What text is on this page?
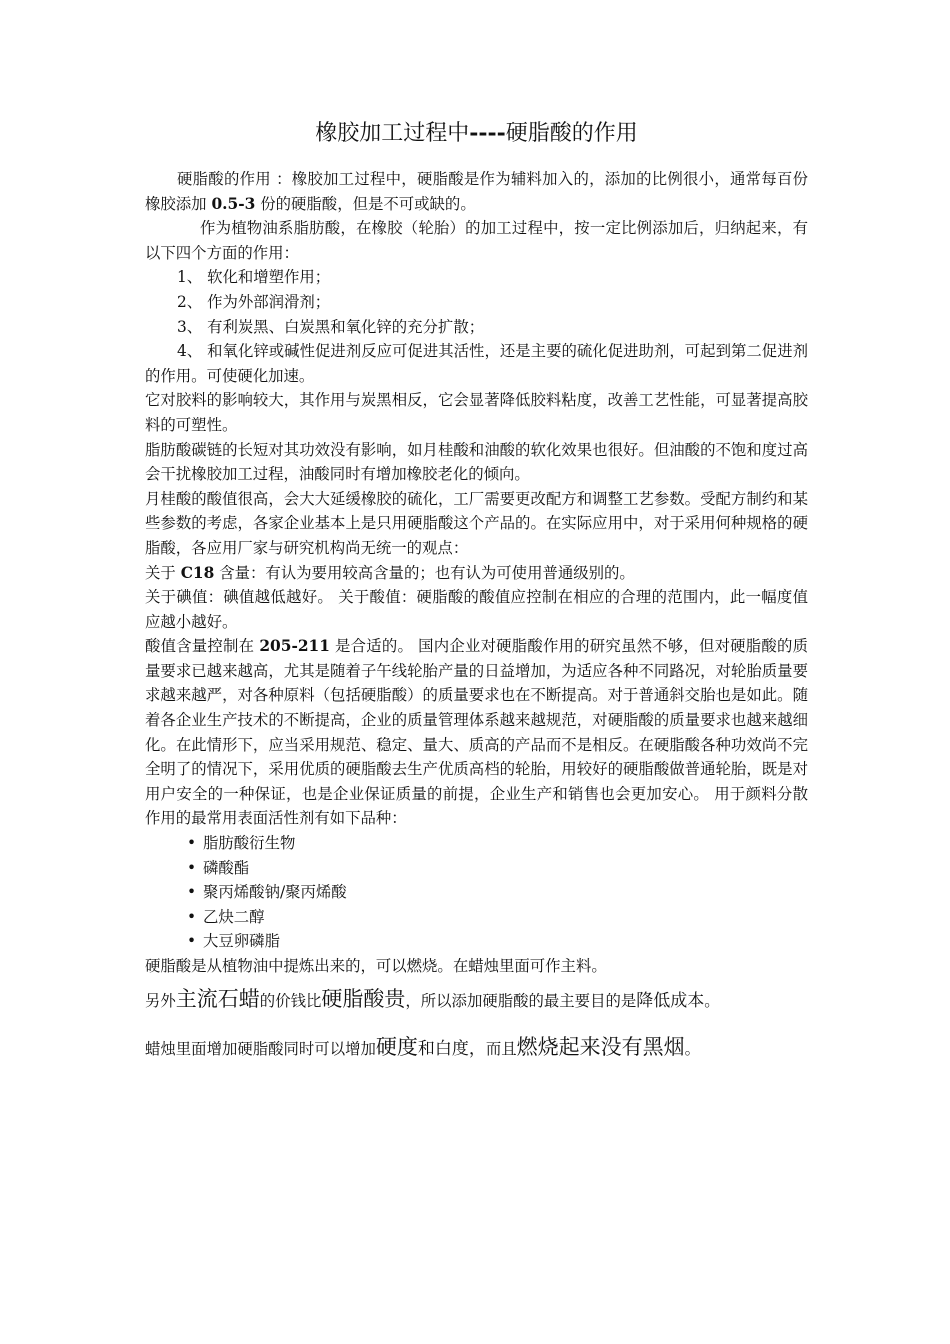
橡胶加工过程中----硬脂酸的作用

硬脂酸的作用 ：橡胶加工过程中，硬脂酸是作为辅料加入的，添加的比例很小，通常每百份橡胶添加 0.5-3 份的硬脂酸，但是不可或缺的。

作为植物油系脂肪酸，在橡胶（轮胎）的加工过程中，按一定比例添加后，归纳起来，有以下四个方面的作用：

1、 软化和增塑作用；

2、 作为外部润滑剂；

3、 有利炭黑、白炭黑和氧化锌的充分扩散；

4、 和氧化锌或碱性促进剂反应可促进其活性，还是主要的硫化促进助剂，可起到第二促进剂的作用。可使硬化加速。

它对胶料的影响较大，其作用与炭黑相反，它会显著降低胶料粘度，改善工艺性能，可显著提高胶料的可塑性。

脂肪酸碳链的长短对其功效没有影响，如月桂酸和油酸的软化效果也很好。但油酸的不饱和度过高会干扰橡胶加工过程，油酸同时有增加橡胶老化的倾向。

月桂酸的酸值很高，会大大延缓橡胶的硫化，工厂需要更改配方和调整工艺参数。受配方制约和某些参数的考虑，各家企业基本上是只用硬脂酸这个产品的。在实际应用中，对于采用何种规格的硬脂酸，各应用厂家与研究机构尚无统一的观点：

关于 C18 含量：有认为要用较高含量的；也有认为可使用普通级别的。

关于碘值：碘值越低越好。 关于酸值：硬脂酸的酸值应控制在相应的合理的范围内，此一幅度值应越小越好。

酸值含量控制在 205-211 是合适的。 国内企业对硬脂酸作用的研究虽然不够，但对硬脂酸的质量要求已越来越高，尤其是随着子午线轮胎产量的日益增加，为适应各种不同路况，对轮胎质量要求越来越严，对各种原料（包括硬脂酸）的质量要求也在不断提高。对于普通斜交胎也是如此。随着各企业生产技术的不断提高，企业的质量管理体系越来越规范，对硬脂酸的质量要求也越来越细化。在此情形下，应当采用规范、稳定、量大、质高的产品而不是相反。在硬脂酸各种功效尚不完全明了的情况下，采用优质的硬脂酸去生产优质高档的轮胎，用较好的硬脂酸做普通轮胎，既是对用户安全的一种保证，也是企业保证质量的前提，企业生产和销售也会更加安心。 用于颜料分散作用的最常用表面活性剂有如下品种：

• 脂肪酸衍生物
• 磷酸酯
• 聚丙烯酸钠/聚丙烯酸
• 乙炔二醇
• 大豆卵磷脂

硬脂酸是从植物油中提炼出来的，可以燃烧。在蜡烛里面可作主料。

另外主流石蜡的价钱比硬脂酸贵，所以添加硬脂酸的最主要目的是降低成本。

蜡烛里面增加硬脂酸同时可以增加硬度和白度，而且燃烧起来没有黑烟。
